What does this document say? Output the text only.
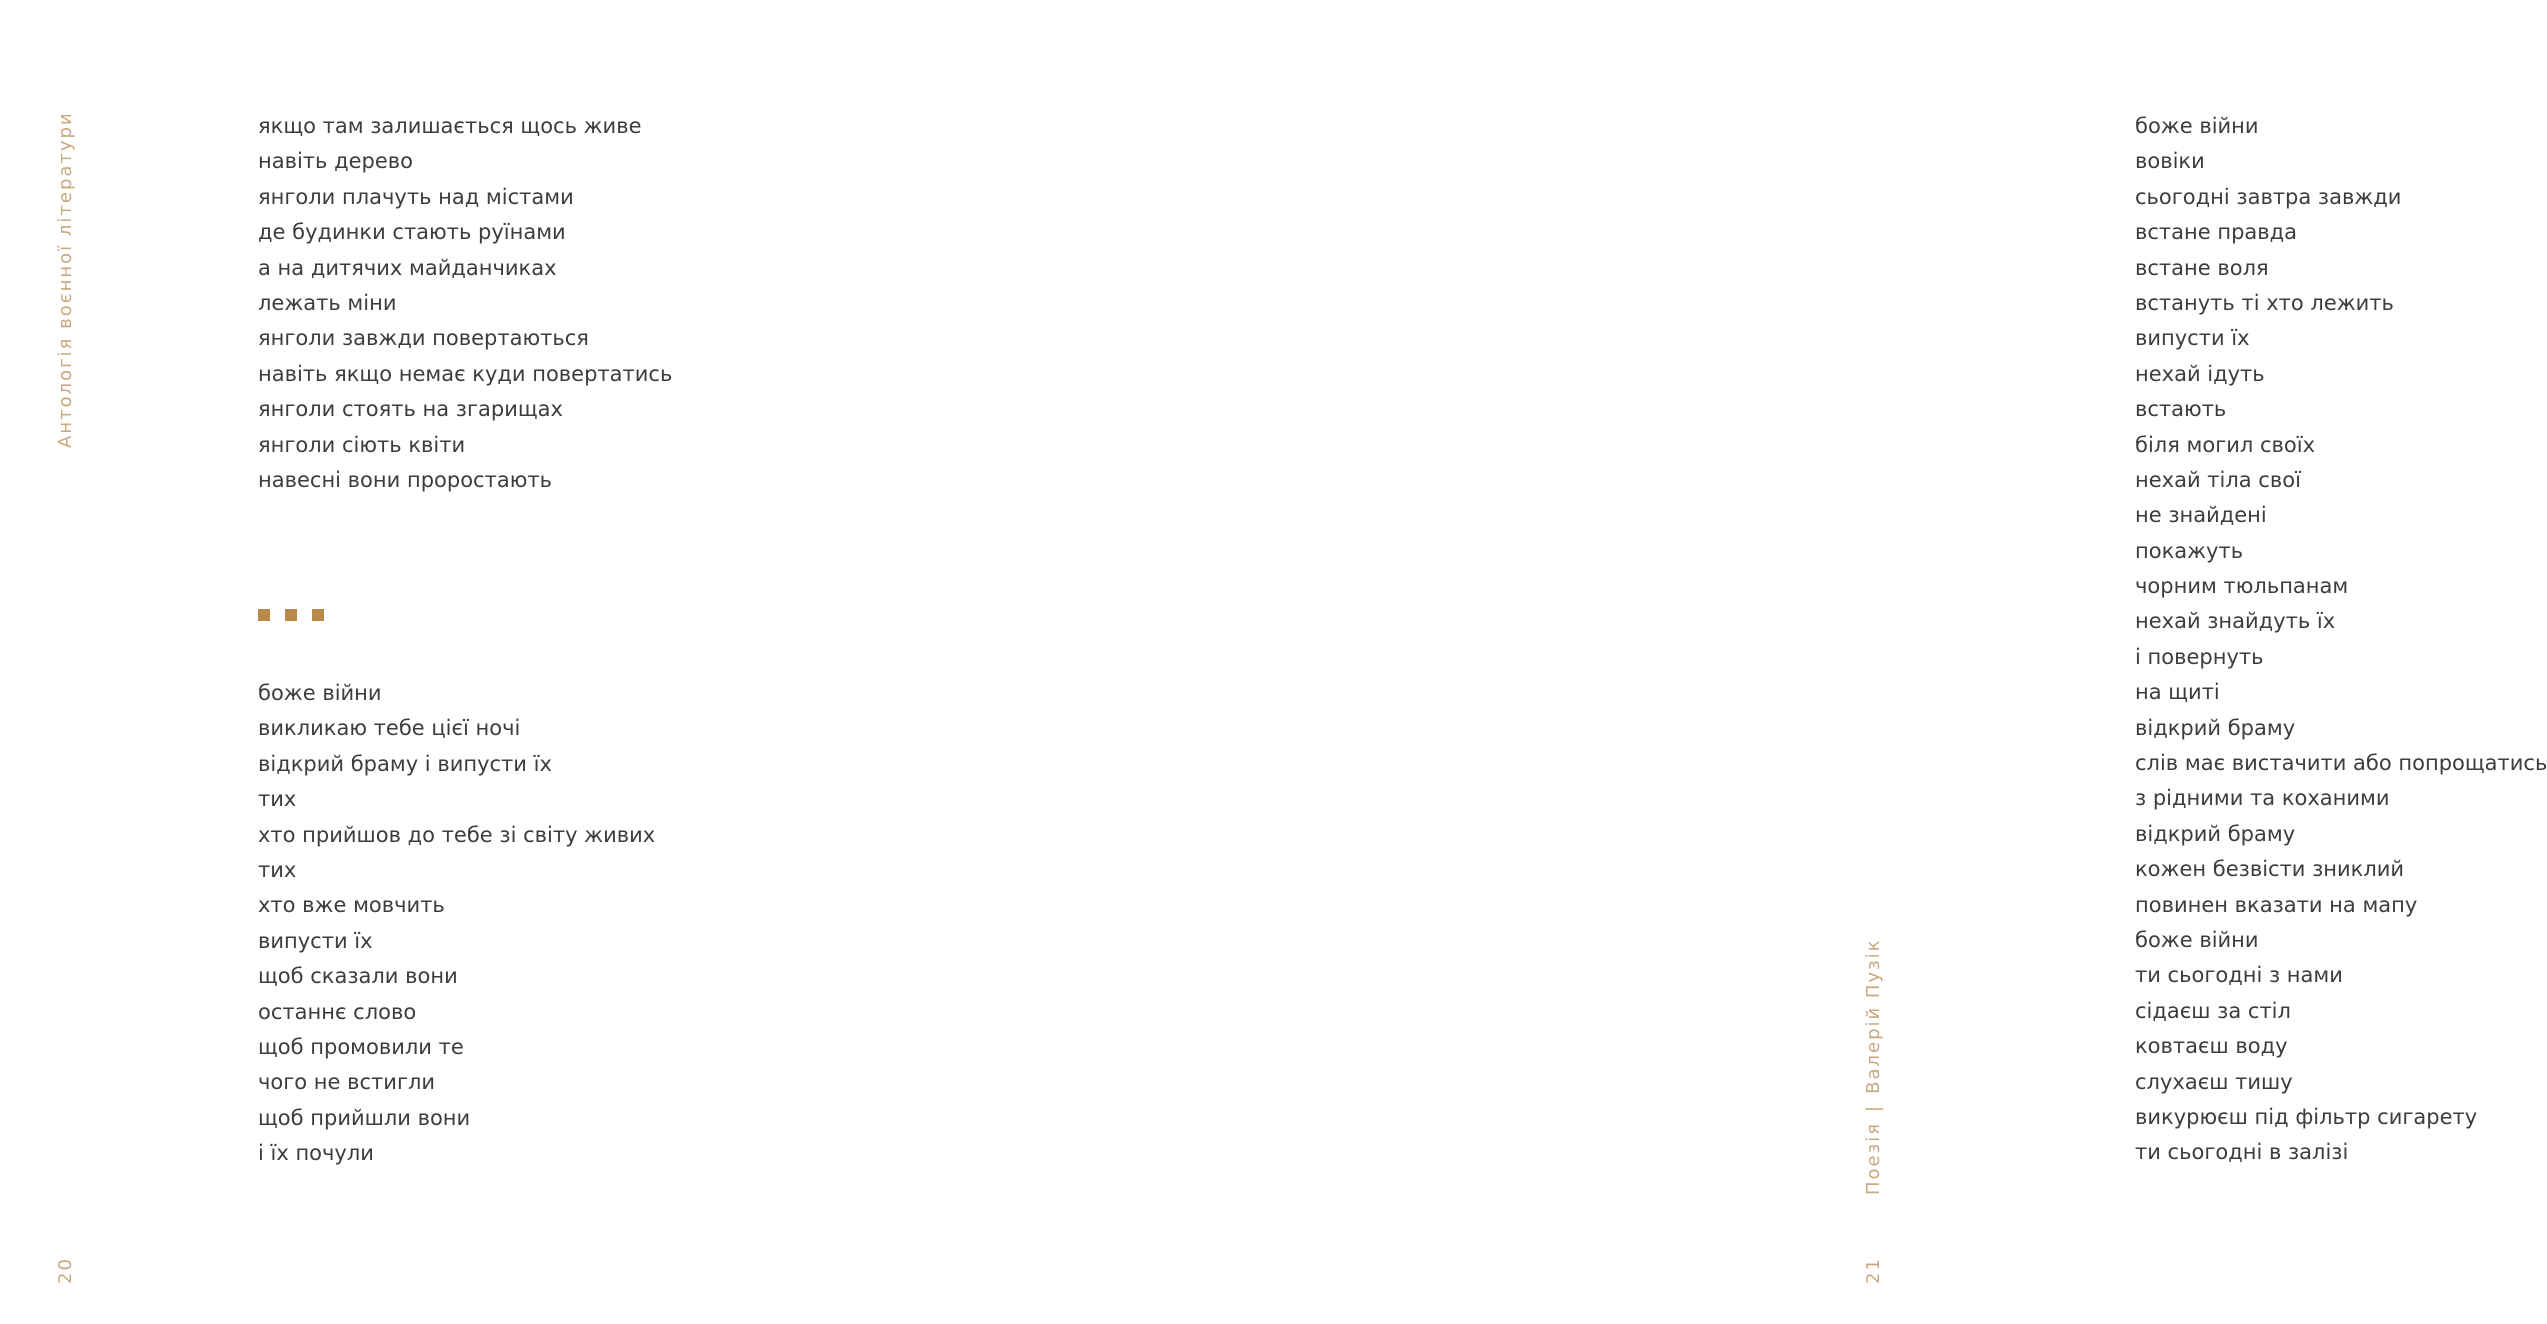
Антологія воєнної літератури	якщо там залишається щось живе
навіть дерево
янголи плачуть над містами
де будинки стають руїнами
а на дитячих майданчиках
лежать міни
янголи завжди повертаються
навіть якщо немає куди повертатись
янголи стоять на згарищах
янголи сіють квіти
навесні вони проростають
боже війни
викликаю тебе цієї ночі
відкрий браму і випусти їх
тих
хто прийшов до тебе зі світу живих
тих
хто вже мовчить
випусти їх
щоб сказали вони
останнє слово
щоб промовили те
чого не встигли
щоб прийшли вони
і їх почули
20
боже війни
вовіки
сьогодні завтра завжди
встане правда
встане воля
встануть ті хто лежить
випусти їх
нехай ідуть
встають
біля могил своїх
нехай тіла свої
не знайдені
покажуть
чорним тюльпанам
нехай знайдуть їх
і повернуть
на щиті
відкрий браму
слів має вистачити або попрощатись
з рідними та коханими
відкрий браму
кожен безвісти зниклий
повинен вказати на мапу
боже війни
ти сьогодні з нами
сідаєш за стіл
ковтаєш воду
слухаєш тишу
викурюєш під фільтр сигарету
ти сьогодні в залізі
Поезія|Валерій Пузік
21
